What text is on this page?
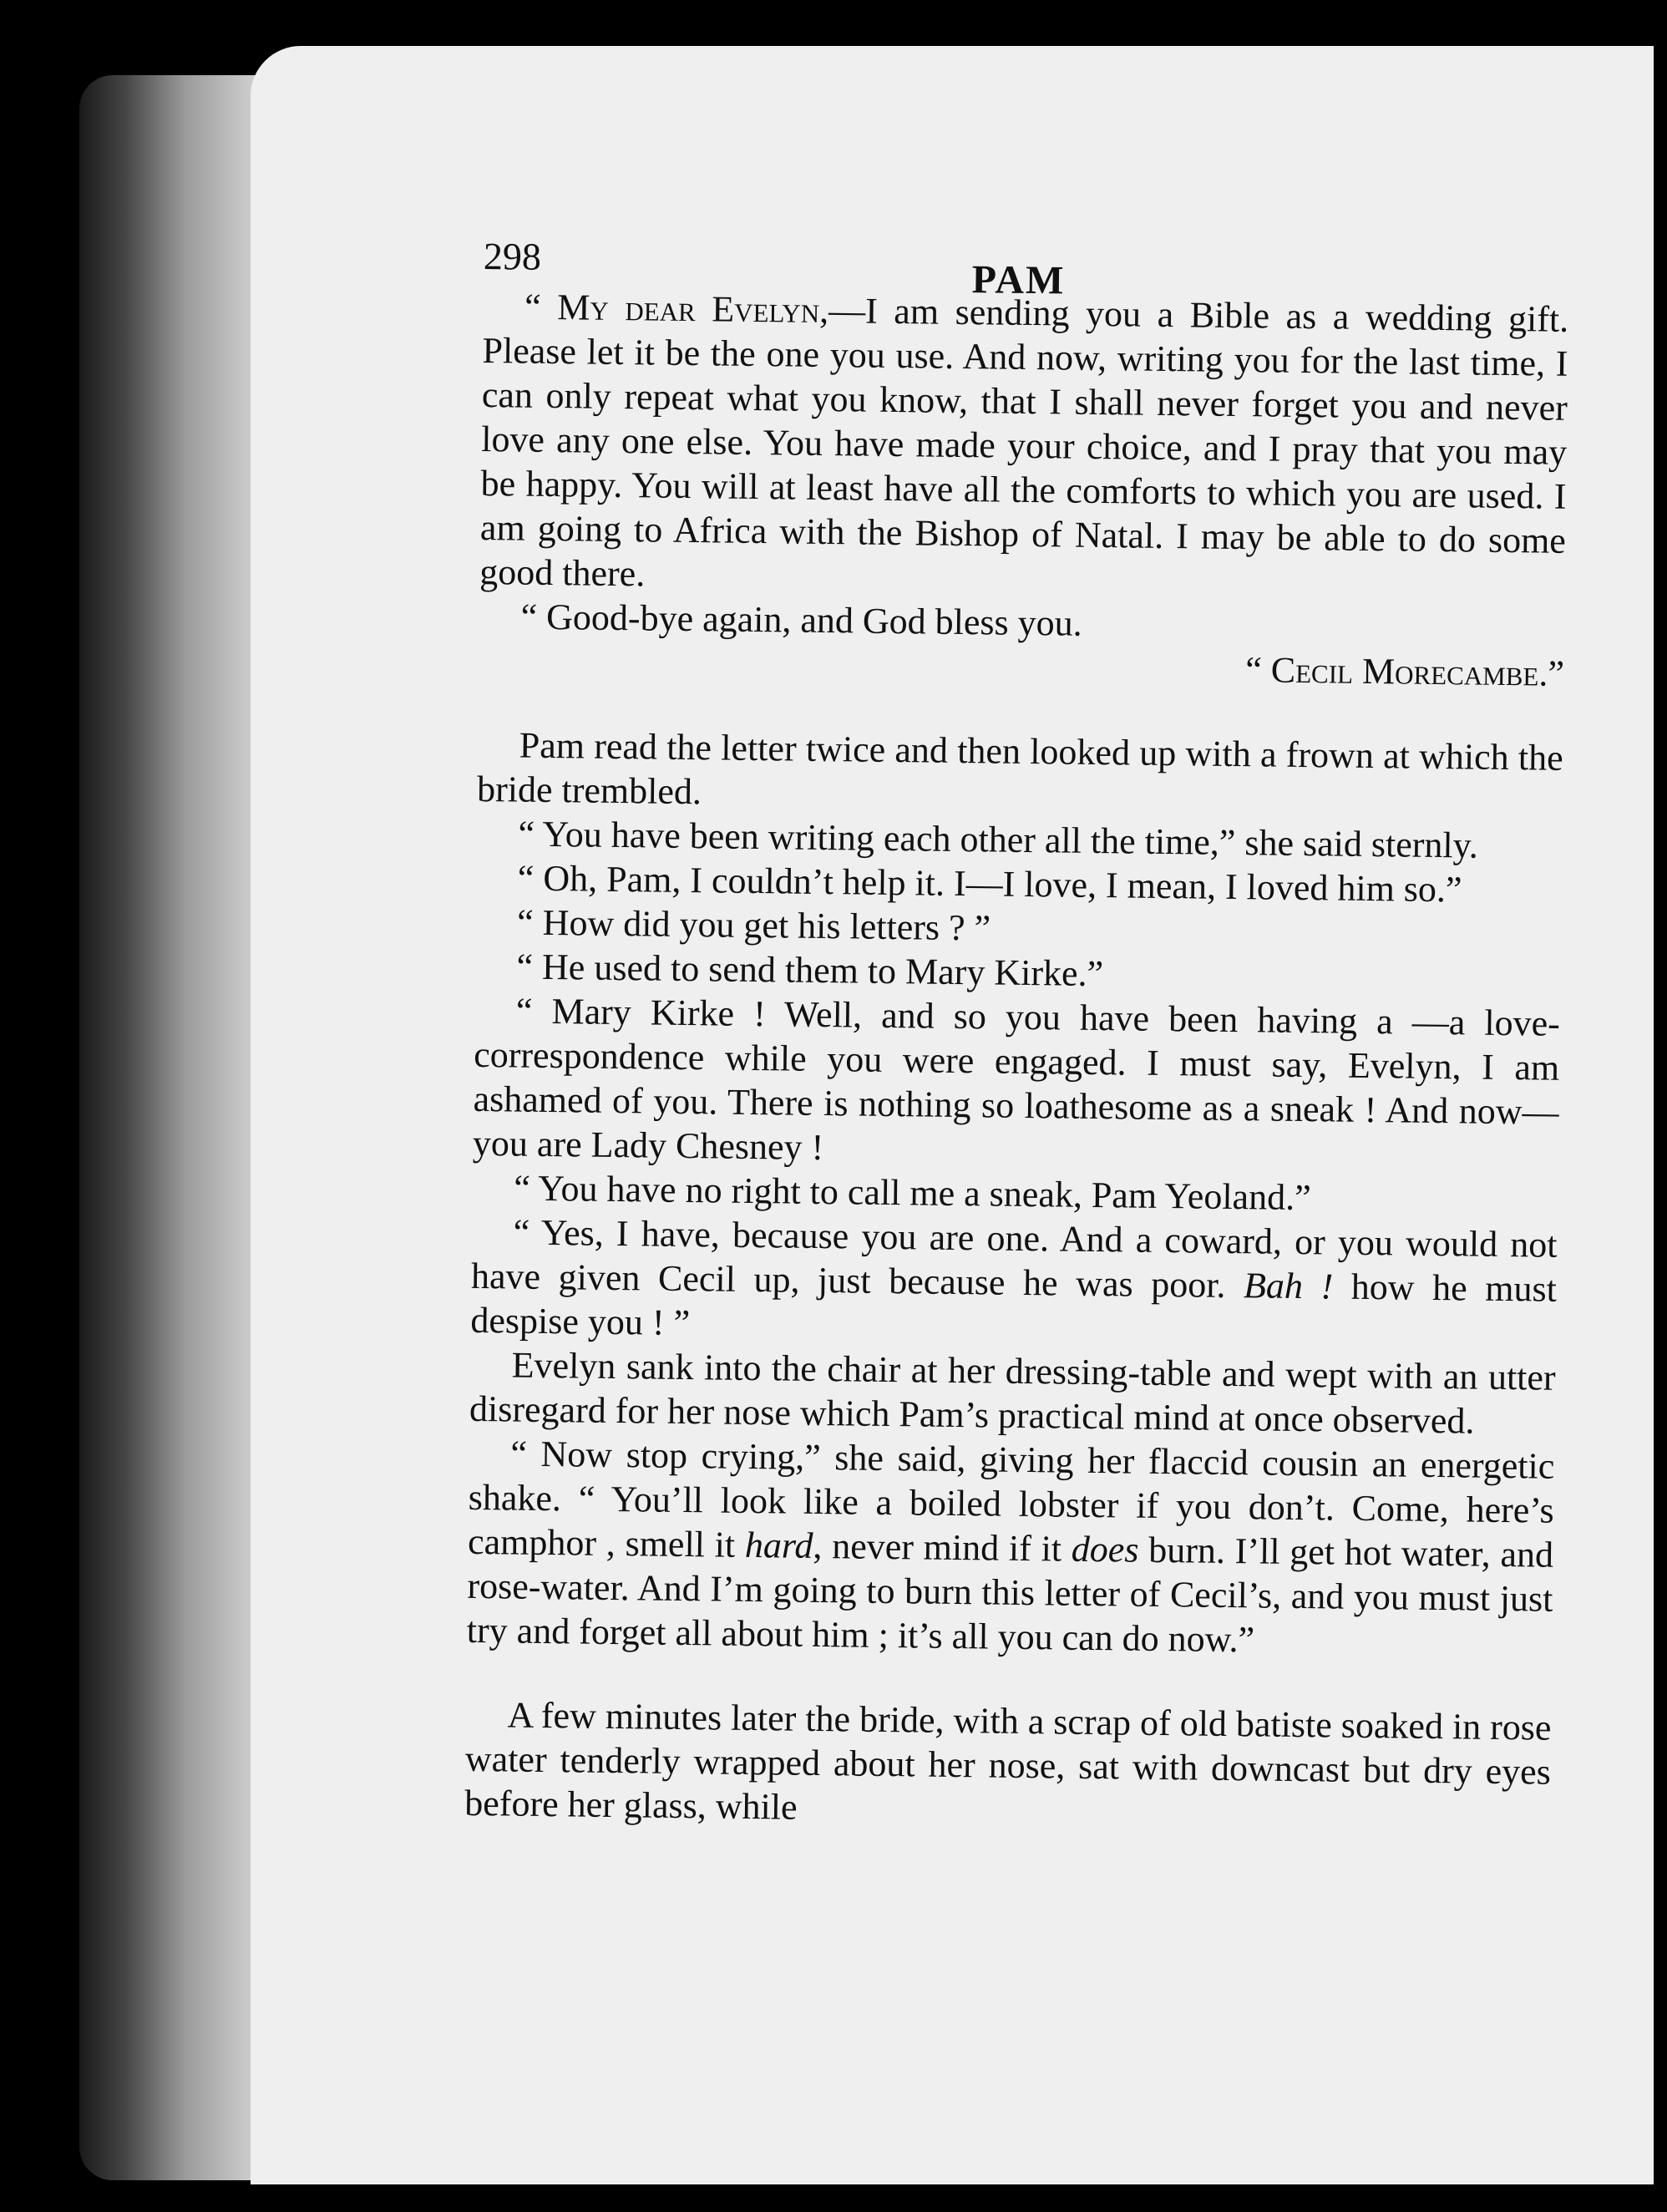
298
PAM

“ My dear Evelyn,—I am sending you a Bible as a wedding gift. Please let it be the one you use. And now, writing you for the last time, I can only repeat what you know, that I shall never forget you and never love any one else. You have made your choice, and I pray that you may be happy. You will at least have all the comforts to which you are used. I am going to Africa with the Bishop of Natal. I may be able to do some good there.

“ Good-bye again, and God bless you.

“ Cecil Morecambe.”

Pam read the letter twice and then looked up with a frown at which the bride trembled.

“ You have been writing each other all the time,” she said sternly.

“ Oh, Pam, I couldn’t help it. I—I love, I mean, I loved him so.”

“ How did you get his letters ? ”

“ He used to send them to Mary Kirke.”

“ Mary Kirke ! Well, and so you have been having a —a love-correspondence while you were engaged. I must say, Evelyn, I am ashamed of you. There is nothing so loathesome as a sneak ! And now—you are Lady Chesney !

“ You have no right to call me a sneak, Pam Yeoland.”

“ Yes, I have, because you are one. And a coward, or you would not have given Cecil up, just because he was poor. Bah ! how he must despise you ! ”

Evelyn sank into the chair at her dressing-table and wept with an utter disregard for her nose which Pam’s practical mind at once observed.

“ Now stop crying,” she said, giving her flaccid cousin an energetic shake. “ You’ll look like a boiled lobster if you don’t. Come, here’s camphor , smell it hard, never mind if it does burn. I’ll get hot water, and rose-water. And I’m going to burn this letter of Cecil’s, and you must just try and forget all about him ; it’s all you can do now.”

A few minutes later the bride, with a scrap of old batiste soaked in rose water tenderly wrapped about her nose, sat with downcast but dry eyes before her glass, while
